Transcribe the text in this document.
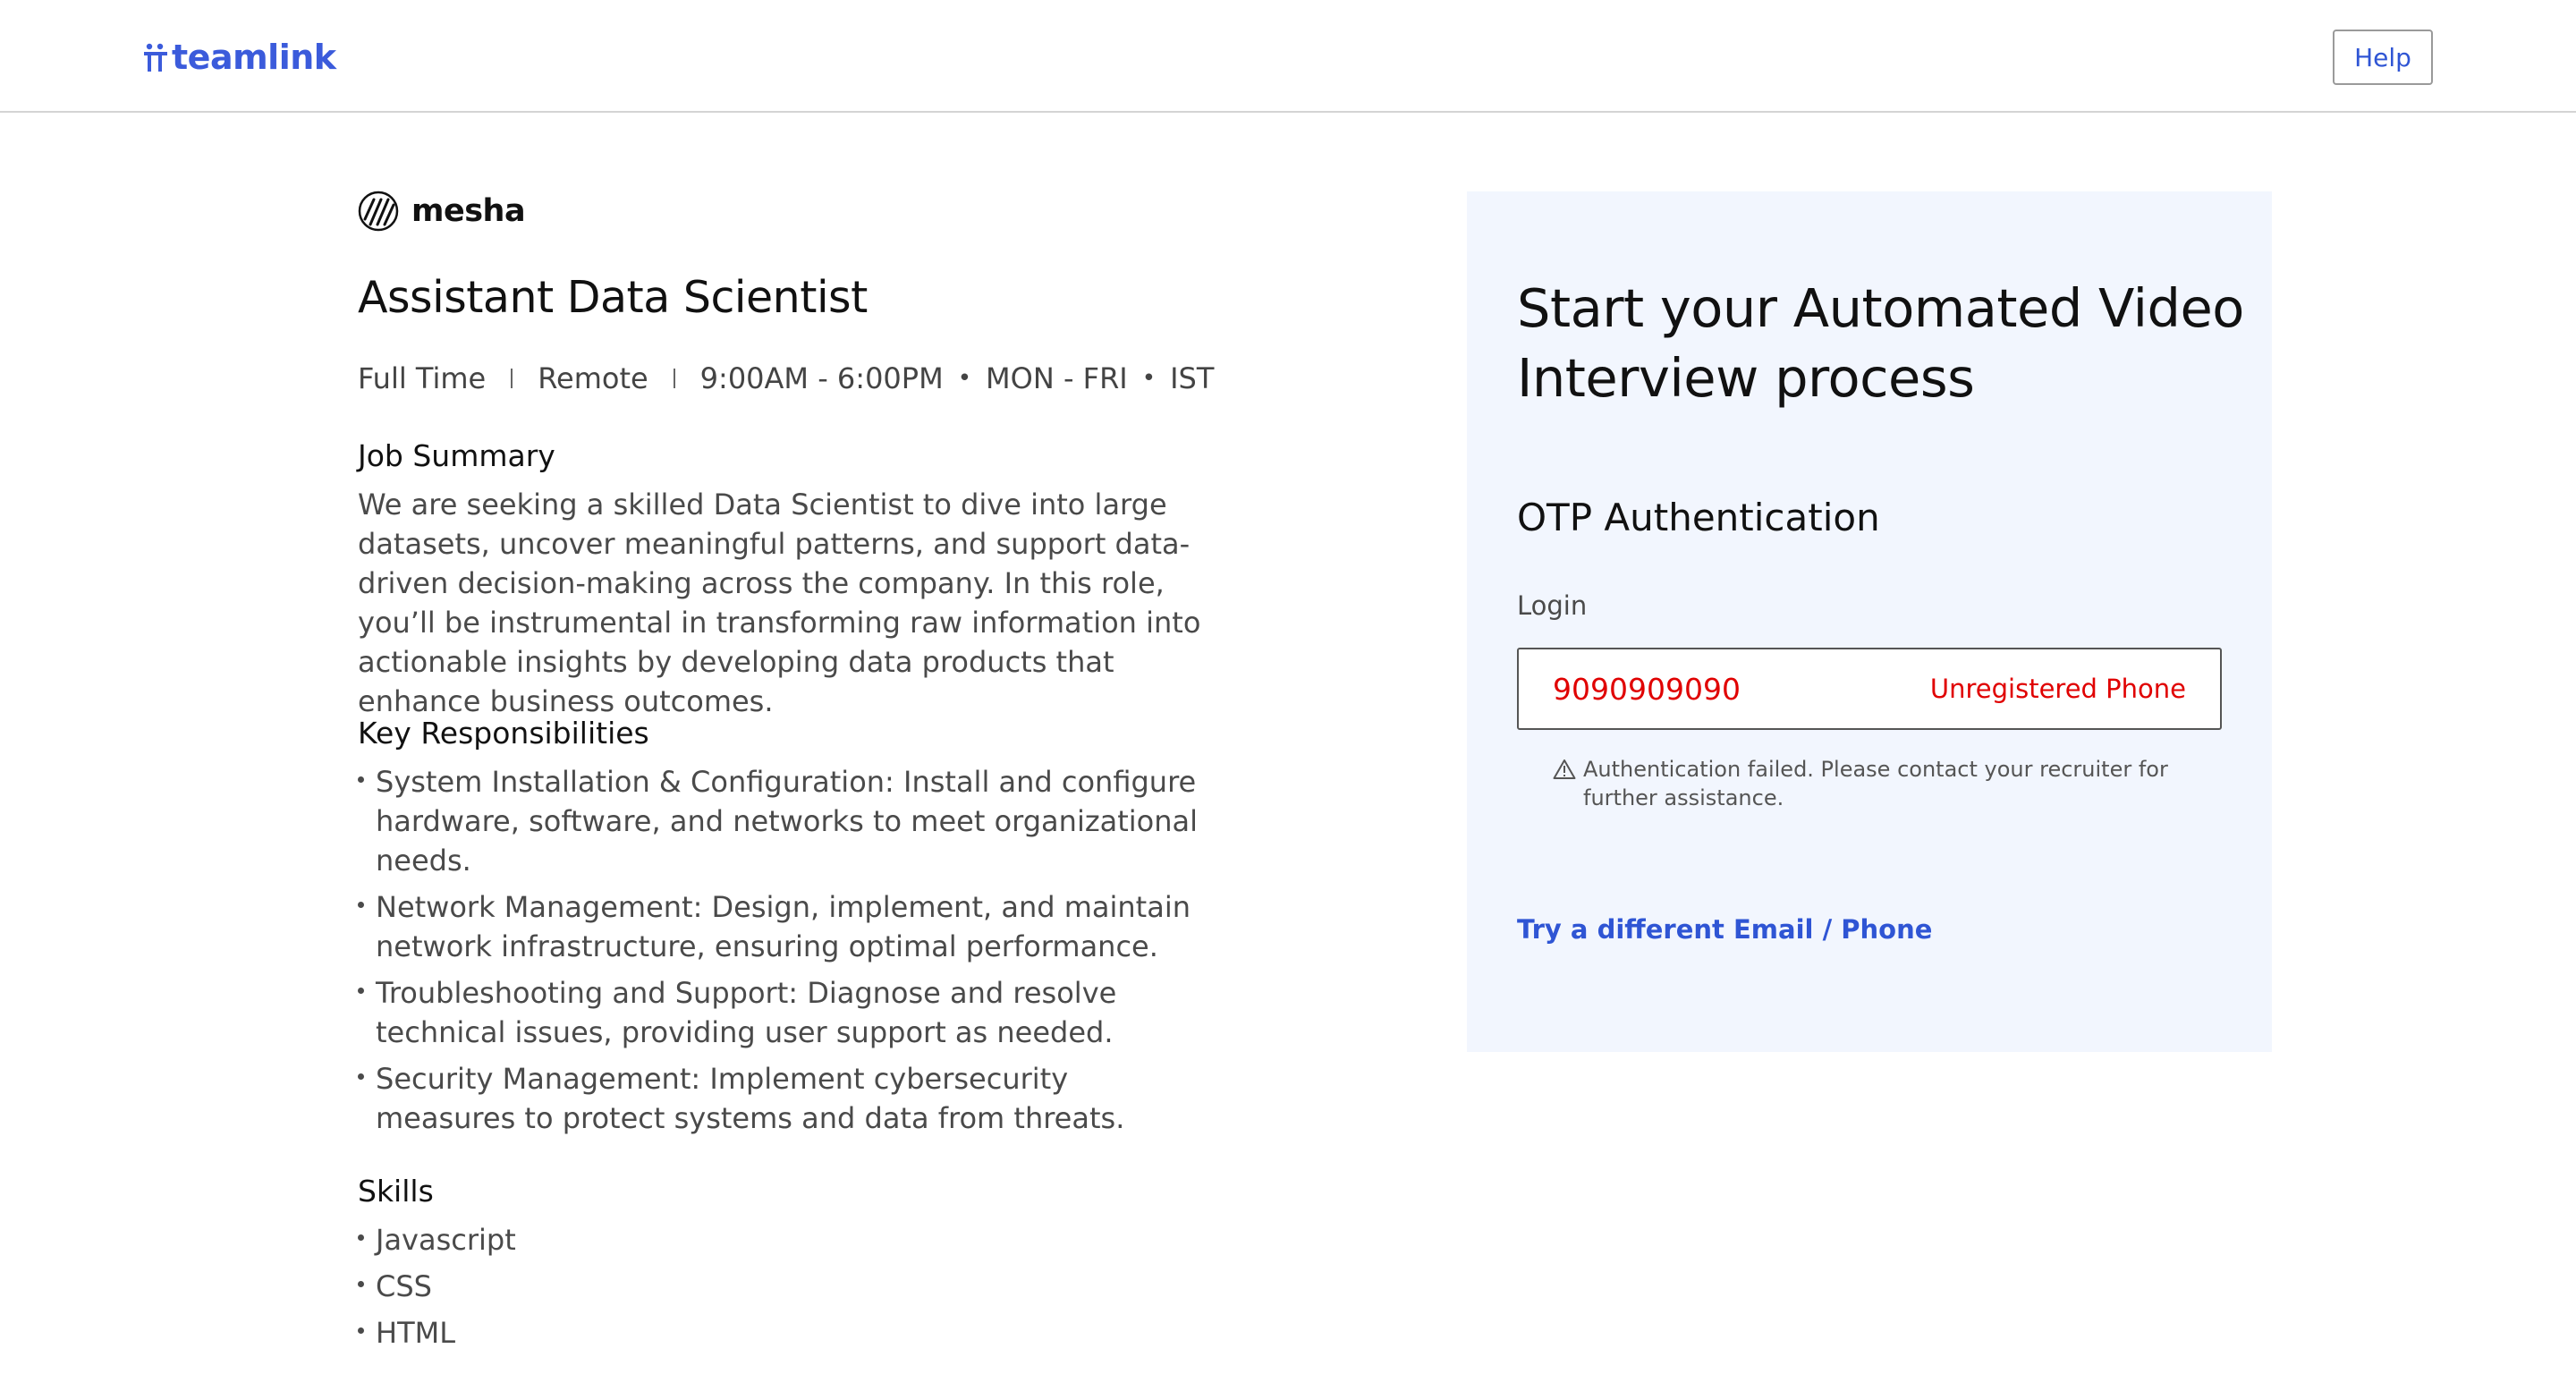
teamlink	Help
mesha
Assistant Data Scientist
Full Time Remote 9:00AM - 6:00PM • MON - FRI • IST
Job Summary

We are seeking a skilled Data Scientist to dive into large datasets, uncover meaningful patterns, and support data-driven decision-making across the company. In this role, you’ll be instrumental in transforming raw information into actionable insights by developing data products that enhance business outcomes.

Key Responsibilities
System Installation & Configuration: Install and configure hardware, software, and networks to meet organizational needs.
Network Management: Design, implement, and maintain network infrastructure, ensuring optimal performance.
Troubleshooting and Support: Diagnose and resolve technical issues, providing user support as needed.
Security Management: Implement cybersecurity measures to protect systems and data from threats.
Skills
Javascript
CSS
HTML
Start your Automated Video Interview process
OTP Authentication
Login
9090909090
Unregistered Phone
Authentication failed. Please contact your recruiter for further assistance.
Try a different Email / Phone
